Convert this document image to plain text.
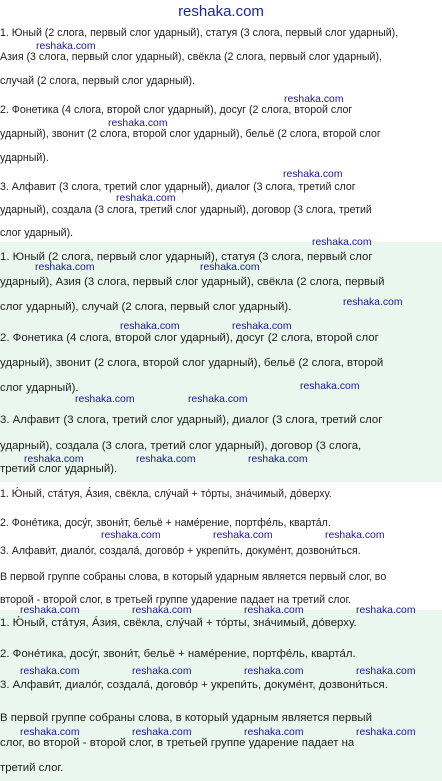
reshaka.com
1. Юный (2 слога, первый слог ударный), статуя (3 слога, первый слог ударный),
Азия (3 слога, первый слог ударный), свёкла (2 слога, первый слог ударный),
случай (2 слога, первый слог ударный).
2. Фонетика (4 слога, второй слог ударный), досуг (2 слога, второй слог
ударный), звонит (2 слога, второй слог ударный), бельё (2 слога, второй слог
ударный).
3. Алфавит (3 слога, третий слог ударный), диалог (3 слога, третий слог
ударный), создала (3 слога, третий слог ударный), договор (3 слога, третий
слог ударный).
1. Юный (2 слога, первый слог ударный), статуя (3 слога, первый слог
ударный), Азия (3 слога, первый слог ударный), свёкла (2 слога, первый
слог ударный), случай (2 слога, первый слог ударный).
2. Фонетика (4 слога, второй слог ударный), досуг (2 слога, второй слог
ударный), звонит (2 слога, второй слог ударный), бельё (2 слога, второй
слог ударный).
3. Алфавит (3 слога, третий слог ударный), диалог (3 слога, третий слог
ударный), создала (3 слога, третий слог ударный), договор (3 слога,
третий слог ударный).
1. Ю́ный, ста́туя, А́зия, свёкла, слу́чай + то́рты, зна́чимый, до́верху.
2. Фоне́тика, досу́г, звони́т, бельё + наме́рение, портфе́ль, кварта́л.
3. Алфави́т, диало́г, создала́, догово́р + укрепи́ть, докуме́нт, дозвони́ться.
В первой группе собраны слова, в который ударным является первый слог, во
второй - второй слог, в третьей группе ударение падает на третий слог.
1. Ю́ный, ста́туя, А́зия, свёкла, слу́чай + то́рты, зна́чимый, до́верху.
2. Фоне́тика, досу́г, звони́т, бельё + наме́рение, портфе́ль, кварта́л.
3. Алфави́т, диало́г, создала́, догово́р + укрепи́ть, докуме́нт, дозвони́ться.
В первой группе собраны слова, в который ударным является первый
слог, во второй - второй слог, в третьей группе ударение падает на
третий слог.
reshaka.com
reshaka.com
reshaka.com
reshaka.com
reshaka.com
reshaka.com
reshaka.com	reshaka.com
reshaka.com
reshaka.com	reshaka.com
reshaka.com
reshaka.com	reshaka.com
reshaka.com	reshaka.com	reshaka.com
reshaka.com	reshaka.com	reshaka.com
reshaka.com	reshaka.com	reshaka.com	reshaka.com
reshaka.com	reshaka.com	reshaka.com	reshaka.com
reshaka.com	reshaka.com	reshaka.com	reshaka.com
